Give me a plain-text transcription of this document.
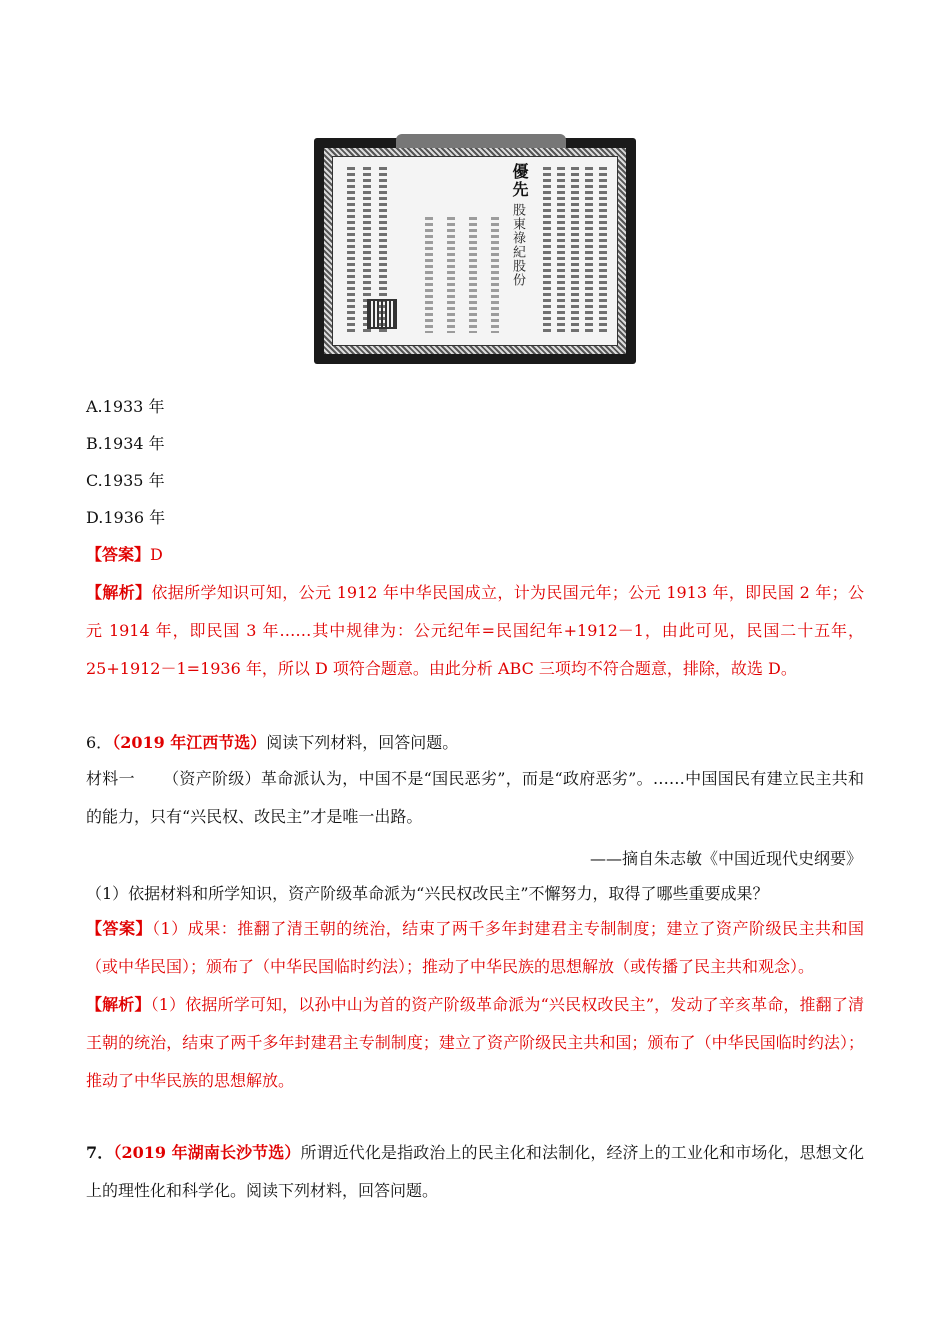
優先
股東祿紀股份
A.1933 年
B.1934 年
C.1935 年
D.1936 年
【答案】D
【解析】依据所学知识可知，公元 1912 年中华民国成立，计为民国元年；公元 1913 年，即民国 2 年；公元 1914 年，即民国 3 年……其中规律为：公元纪年=民国纪年+1912－1，由此可见，民国二十五年，25+1912－1=1936 年，所以 D 项符合题意。由此分析 ABC 三项均不符合题意，排除，故选 D。
6．（2019 年江西节选）阅读下列材料，回答问题。
材料一 （资产阶级）革命派认为，中国不是“国民恶劣”，而是“政府恶劣”。……中国国民有建立民主共和的能力，只有“兴民权、改民主”才是唯一出路。
——摘自朱志敏《中国近现代史纲要》
（1）依据材料和所学知识，资产阶级革命派为“兴民权改民主”不懈努力，取得了哪些重要成果？
【答案】（1）成果：推翻了清王朝的统治，结束了两千多年封建君主专制制度；建立了资产阶级民主共和国（或中华民国）；颁布了（中华民国临时约法）；推动了中华民族的思想解放（或传播了民主共和观念）。
【解析】（1）依据所学可知，以孙中山为首的资产阶级革命派为“兴民权改民主”，发动了辛亥革命，推翻了清王朝的统治，结束了两千多年封建君主专制制度；建立了资产阶级民主共和国；颁布了（中华民国临时约法）；推动了中华民族的思想解放。
7．（2019 年湖南长沙节选）所谓近代化是指政治上的民主化和法制化，经济上的工业化和市场化，思想文化上的理性化和科学化。阅读下列材料，回答问题。
